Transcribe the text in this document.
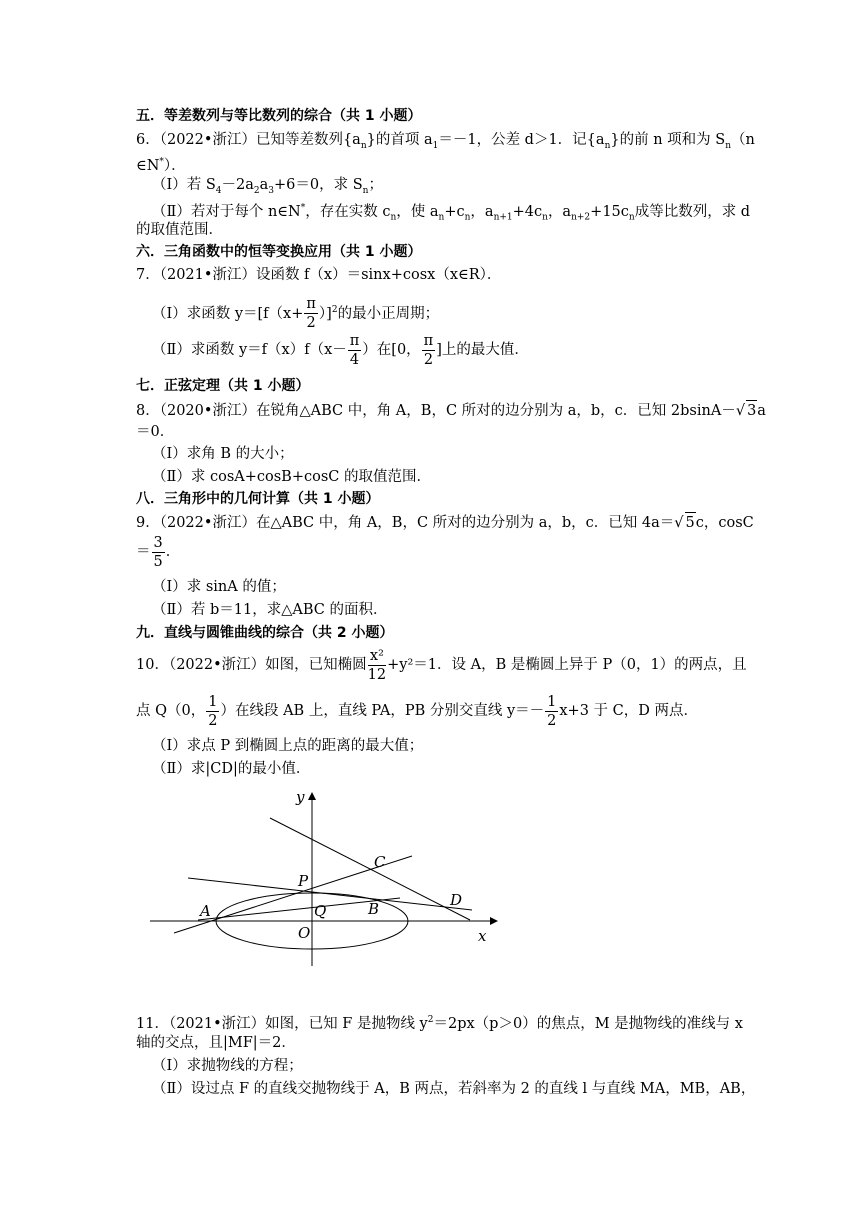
五．等差数列与等比数列的综合（共 1 小题）
6．（2022•浙江）已知等差数列$\{a_n\}$的首项 $a_1=-1$，公差 d＞1．记$\{a_n\}$的前 n 项和为 $S_n(n$
∈N*）．
（Ⅰ）若 $S_4-2a_2a_3+6=0$，求 $S_n$；
（Ⅱ）若对于每个 n∈N*，存在实数 $c_n$，使 $a_n+c_n$，$a_{n+1}+4c_n$，$a_{n+2}+15c_n$成等比数列，求 d
的取值范围．
六．三角函数中的恒等变换应用（共 1 小题）
7．（2021•浙江）设函数 f（x）＝sinx+cosx（x∈R）．
（Ⅰ）求函数 $y=[f(x+ \frac{\pi}{2} )]^2$的最小正周期；
（Ⅱ）求函数 $y=f(x)f(x- \frac{\pi}{4}$ ）在[0， $\frac{\pi}{2}$ ]上的最大值．
七．正弦定理（共 1 小题）
8．（2020•浙江）在锐角△ABC 中，角 A，B，C 所对的边分别为 a，b，c．已知 2bsinA－√ 3a
＝0．
（Ⅰ）求角 B 的大小；
（Ⅱ）求 cosA+cosB+cosC 的取值范围．
八．三角形中的几何计算（共 1 小题）
9．（2022•浙江）在△ABC 中，角 A，B，C 所对的边分别为 a，b，c．已知 4a＝√ 5c，cosC
＝ $\frac{3}{5}$ ．
（Ⅰ）求 sinA 的值；
（Ⅱ）若 b＝11，求△ABC 的面积．
九．直线与圆锥曲线的综合（共 2 小题）
10．（2022•浙江）如图，已知椭圆 $\frac{\text{x²}}{12} +y^2=1$．设 A，B 是椭圆上异于 P（0，1）的两点，且
点 Q（0， $\frac{1}{2}$ ）在线段 AB 上，直线 PA，PB 分别交直线 $y=- \frac{1}{2} x+3$ 于 C，D 两点．
（Ⅰ）求点 P 到椭圆上点的距离的最大值；
（Ⅱ）求|CD|的最小值．
y
x
P
C
D
A	Q	B
O
11．（2021•浙江）如图，已知 F 是抛物线 $y^2=2px(p>0)$的焦点，M 是抛物线的准线与 x
轴的交点，且|MF|＝2．
（Ⅰ）求抛物线的方程；
（Ⅱ）设过点 F 的直线交抛物线于 A，B 两点，若斜率为 2 的直线 l 与直线 MA，MB，AB，
